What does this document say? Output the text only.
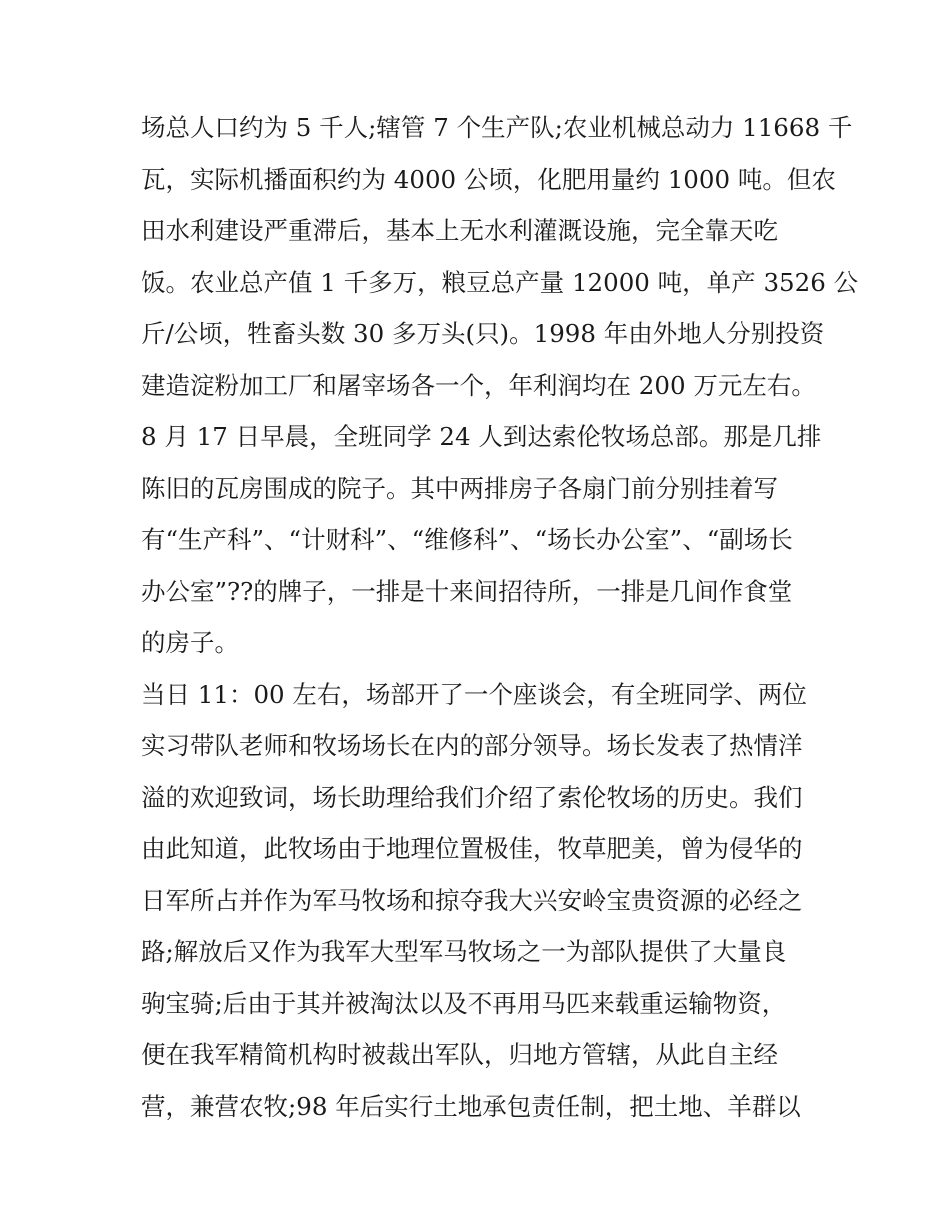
场总人口约为 5 千人;辖管 7 个生产队;农业机械总动力 11668 千
瓦，实际机播面积约为 4000 公顷，化肥用量约 1000 吨。但农
田水利建设严重滞后，基本上无水利灌溉设施，完全靠天吃
饭。农业总产值 1 千多万，粮豆总产量 12000 吨，单产 3526 公
斤/公顷，牲畜头数 30 多万头(只)。1998 年由外地人分别投资
建造淀粉加工厂和屠宰场各一个，年利润均在 200 万元左右。
8 月 17 日早晨，全班同学 24 人到达索伦牧场总部。那是几排
陈旧的瓦房围成的院子。其中两排房子各扇门前分别挂着写
有“生产科”、“计财科”、“维修科”、“场长办公室”、“副场长
办公室”??的牌子，一排是十来间招待所，一排是几间作食堂
的房子。
当日 11：00 左右，场部开了一个座谈会，有全班同学、两位
实习带队老师和牧场场长在内的部分领导。场长发表了热情洋
溢的欢迎致词，场长助理给我们介绍了索伦牧场的历史。我们
由此知道，此牧场由于地理位置极佳，牧草肥美，曾为侵华的
日军所占并作为军马牧场和掠夺我大兴安岭宝贵资源的必经之
路;解放后又作为我军大型军马牧场之一为部队提供了大量良
驹宝骑;后由于其并被淘汰以及不再用马匹来载重运输物资，
便在我军精简机构时被裁出军队，归地方管辖，从此自主经
营，兼营农牧;98 年后实行土地承包责任制，把土地、羊群以
